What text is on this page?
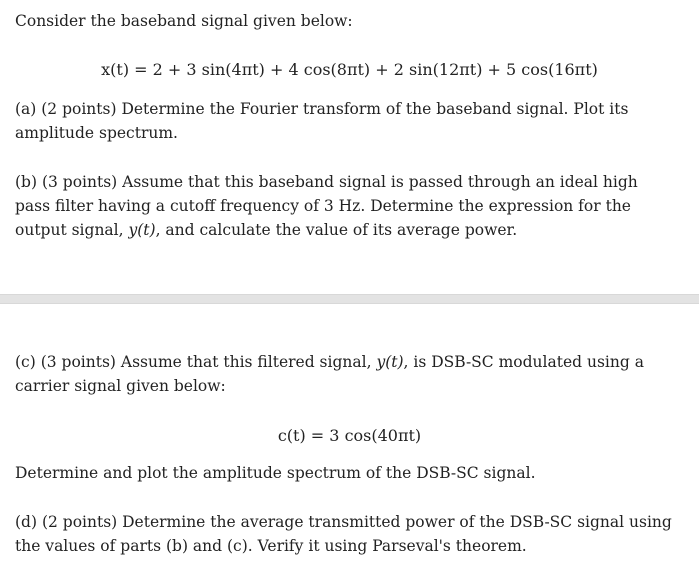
Consider the baseband signal given below:

x(t) = 2 + 3 sin(4πt) + 4 cos(8πt) + 2 sin(12πt) + 5 cos(16πt)

(a) (2 points) Determine the Fourier transform of the baseband signal. Plot its amplitude spectrum.

(b) (3 points) Assume that this baseband signal is passed through an ideal high pass filter having a cutoff frequency of 3 Hz. Determine the expression for the output signal, y(t), and calculate the value of its average power.

(c) (3 points) Assume that this filtered signal, y(t), is DSB-SC modulated using a carrier signal given below:

c(t) = 3 cos(40πt)

Determine and plot the amplitude spectrum of the DSB-SC signal.

(d) (2 points) Determine the average transmitted power of the DSB-SC signal using the values of parts (b) and (c). Verify it using Parseval's theorem.
